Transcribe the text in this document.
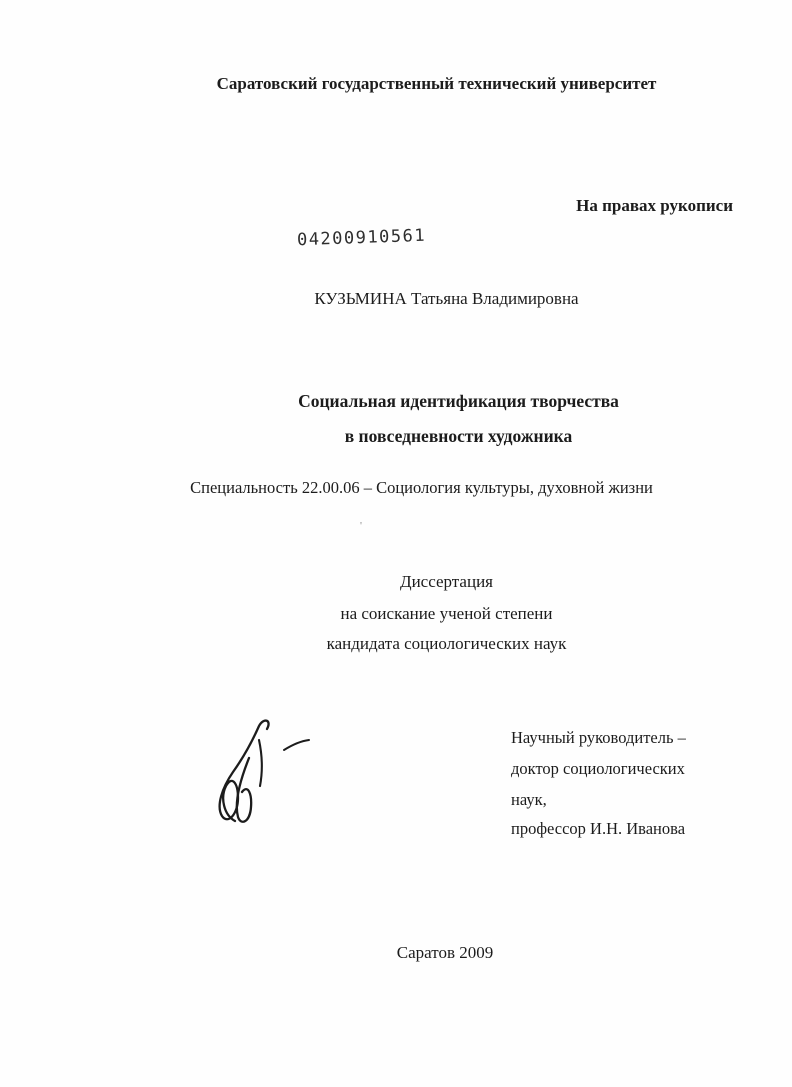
Саратовский государственный технический университет
На правах рукописи
04200910561
КУЗЬМИНА Татьяна Владимировна
Социальная идентификация творчества
в повседневности художника
Специальность 22.00.06 – Социология культуры, духовной жизни
'
Диссертация
на соискание ученой степени
кандидата социологических наук
Научный руководитель –
доктор социологических
наук,
профессор И.Н. Иванова
Саратов 2009
